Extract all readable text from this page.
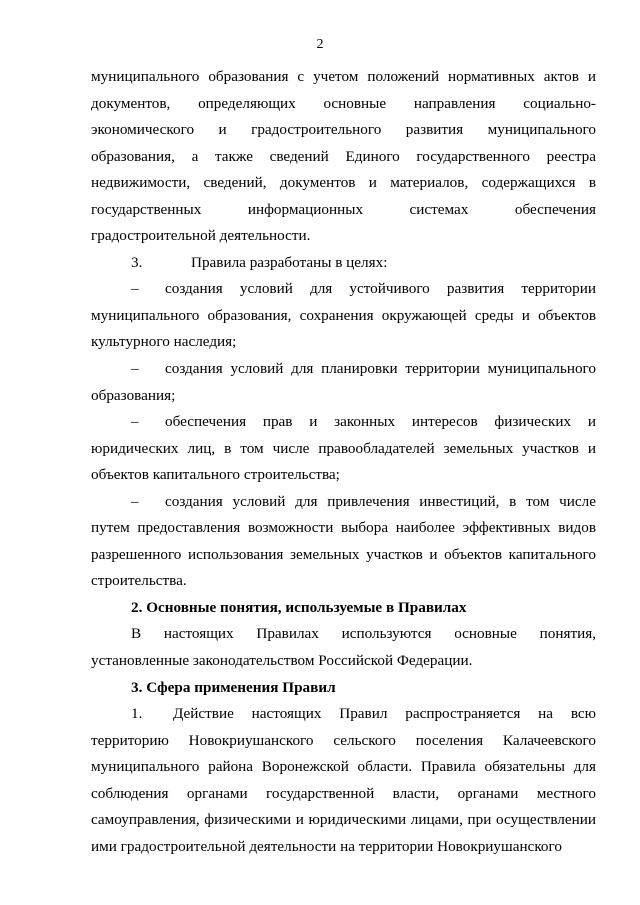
2

муниципального образования с учетом положений нормативных актов и документов, определяющих основные направления социально-экономического и градостроительного развития муниципального образования, а также сведений Единого государственного реестра недвижимости, сведений, документов и материалов, содержащихся в государственных информационных системах обеспечения градостроительной деятельности.

3.	Правила разработаны в целях:

– создания условий для устойчивого развития территории муниципального образования, сохранения окружающей среды и объектов культурного наследия;

– создания условий для планировки территории муниципального образования;

– обеспечения прав и законных интересов физических и юридических лиц, в том числе правообладателей земельных участков и объектов капитального строительства;

– создания условий для привлечения инвестиций, в том числе путем предоставления возможности выбора наиболее эффективных видов разрешенного использования земельных участков и объектов капитального строительства.

2. Основные понятия, используемые в Правилах

В настоящих Правилах используются основные понятия, установленные законодательством Российской Федерации.

3. Сфера применения Правил

1. Действие настоящих Правил распространяется на всю территорию Новокриушанского сельского поселения Калачеевского муниципального района Воронежской области. Правила обязательны для соблюдения органами государственной власти, органами местного самоуправления, физическими и юридическими лицами, при осуществлении ими градостроительной деятельности на территории Новокриушанского
